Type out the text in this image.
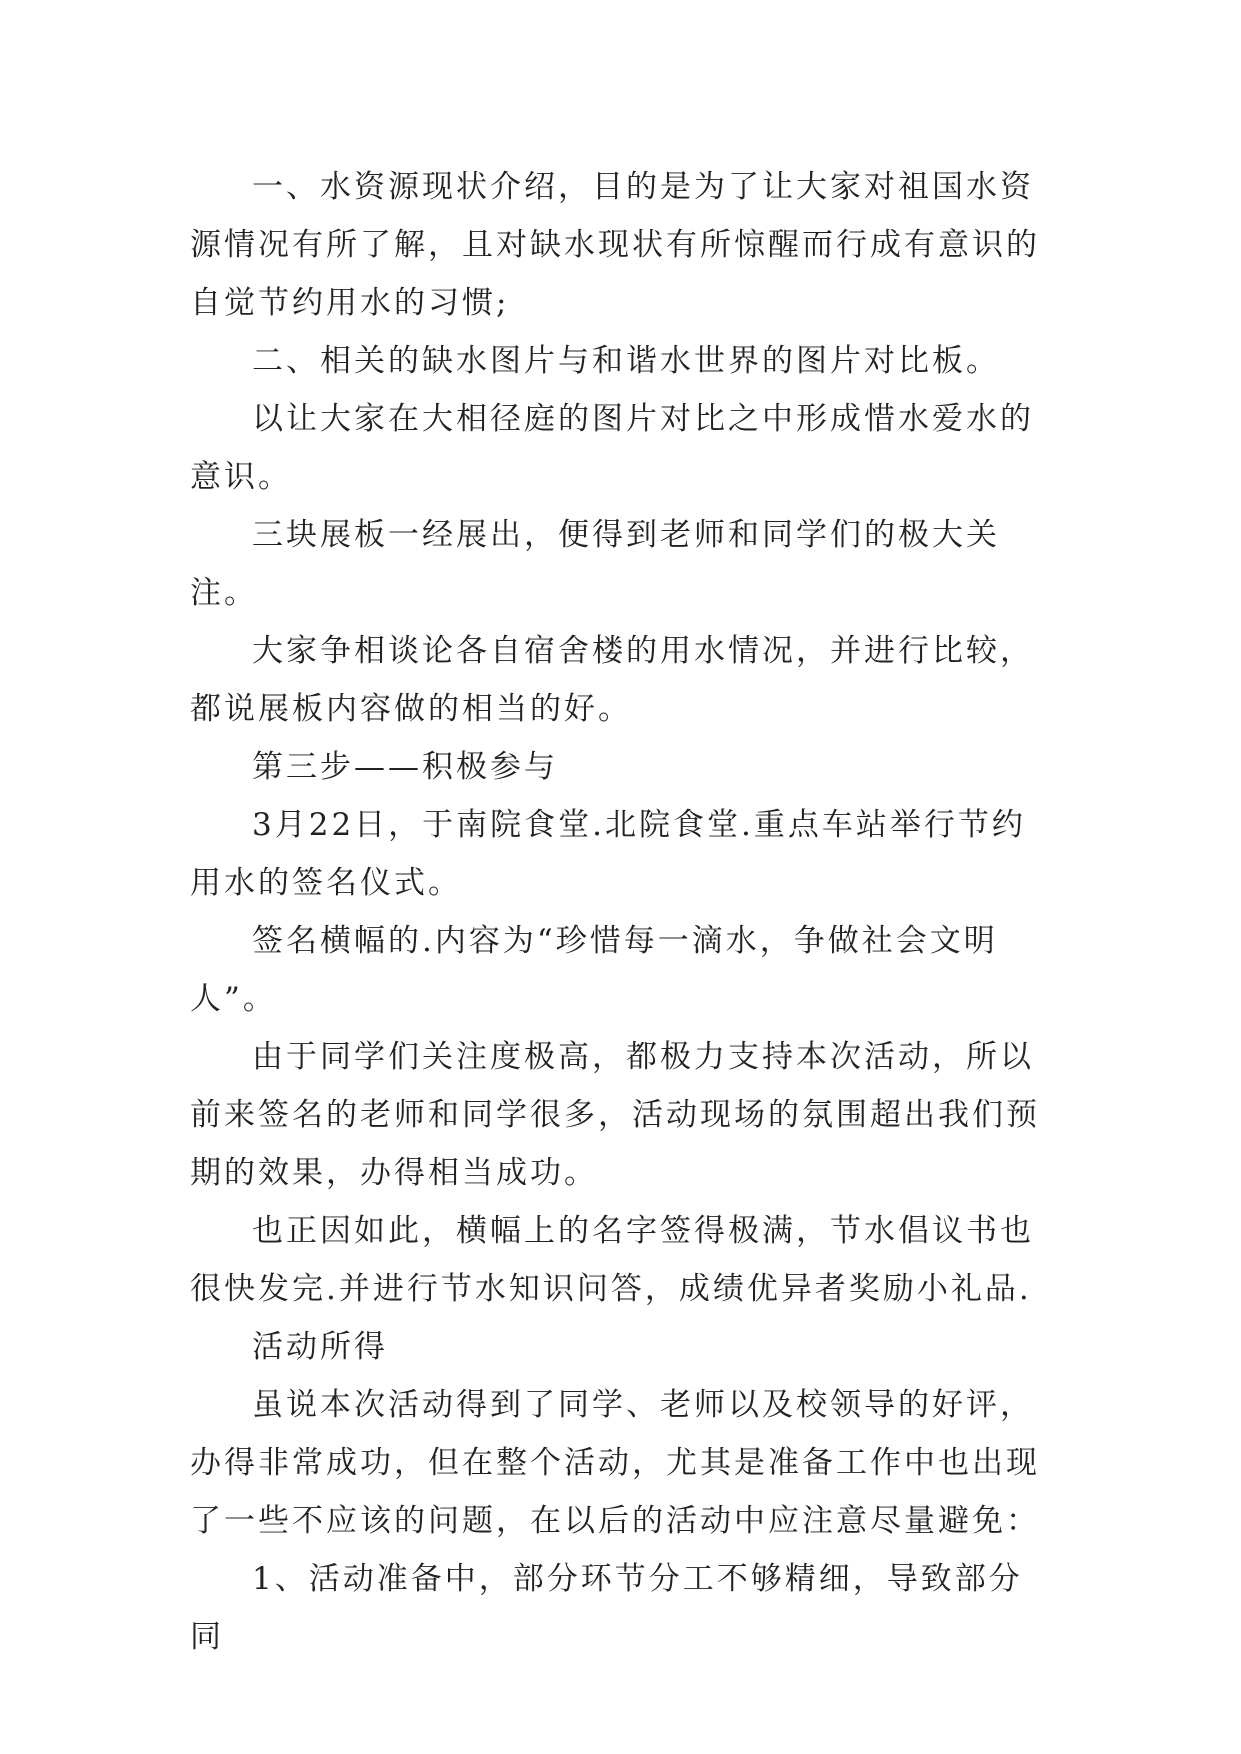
一、水资源现状介绍，目的是为了让大家对祖国水资源情况有所了解，且对缺水现状有所惊醒而行成有意识的自觉节约用水的习惯;

二、相关的缺水图片与和谐水世界的图片对比板。

以让大家在大相径庭的图片对比之中形成惜水爱水的意识。

三块展板一经展出，便得到老师和同学们的极大关注。

大家争相谈论各自宿舍楼的用水情况，并进行比较，都说展板内容做的相当的好。

第三步——积极参与

3月22日，于南院食堂.北院食堂.重点车站举行节约用水的签名仪式。

签名横幅的.内容为“珍惜每一滴水，争做社会文明人”。

由于同学们关注度极高，都极力支持本次活动，所以前来签名的老师和同学很多，活动现场的氛围超出我们预期的效果，办得相当成功。

也正因如此，横幅上的名字签得极满，节水倡议书也很快发完.并进行节水知识问答，成绩优异者奖励小礼品.

活动所得

虽说本次活动得到了同学、老师以及校领导的好评，办得非常成功，但在整个活动，尤其是准备工作中也出现了一些不应该的问题，在以后的活动中应注意尽量避免：

1、活动准备中，部分环节分工不够精细，导致部分同
